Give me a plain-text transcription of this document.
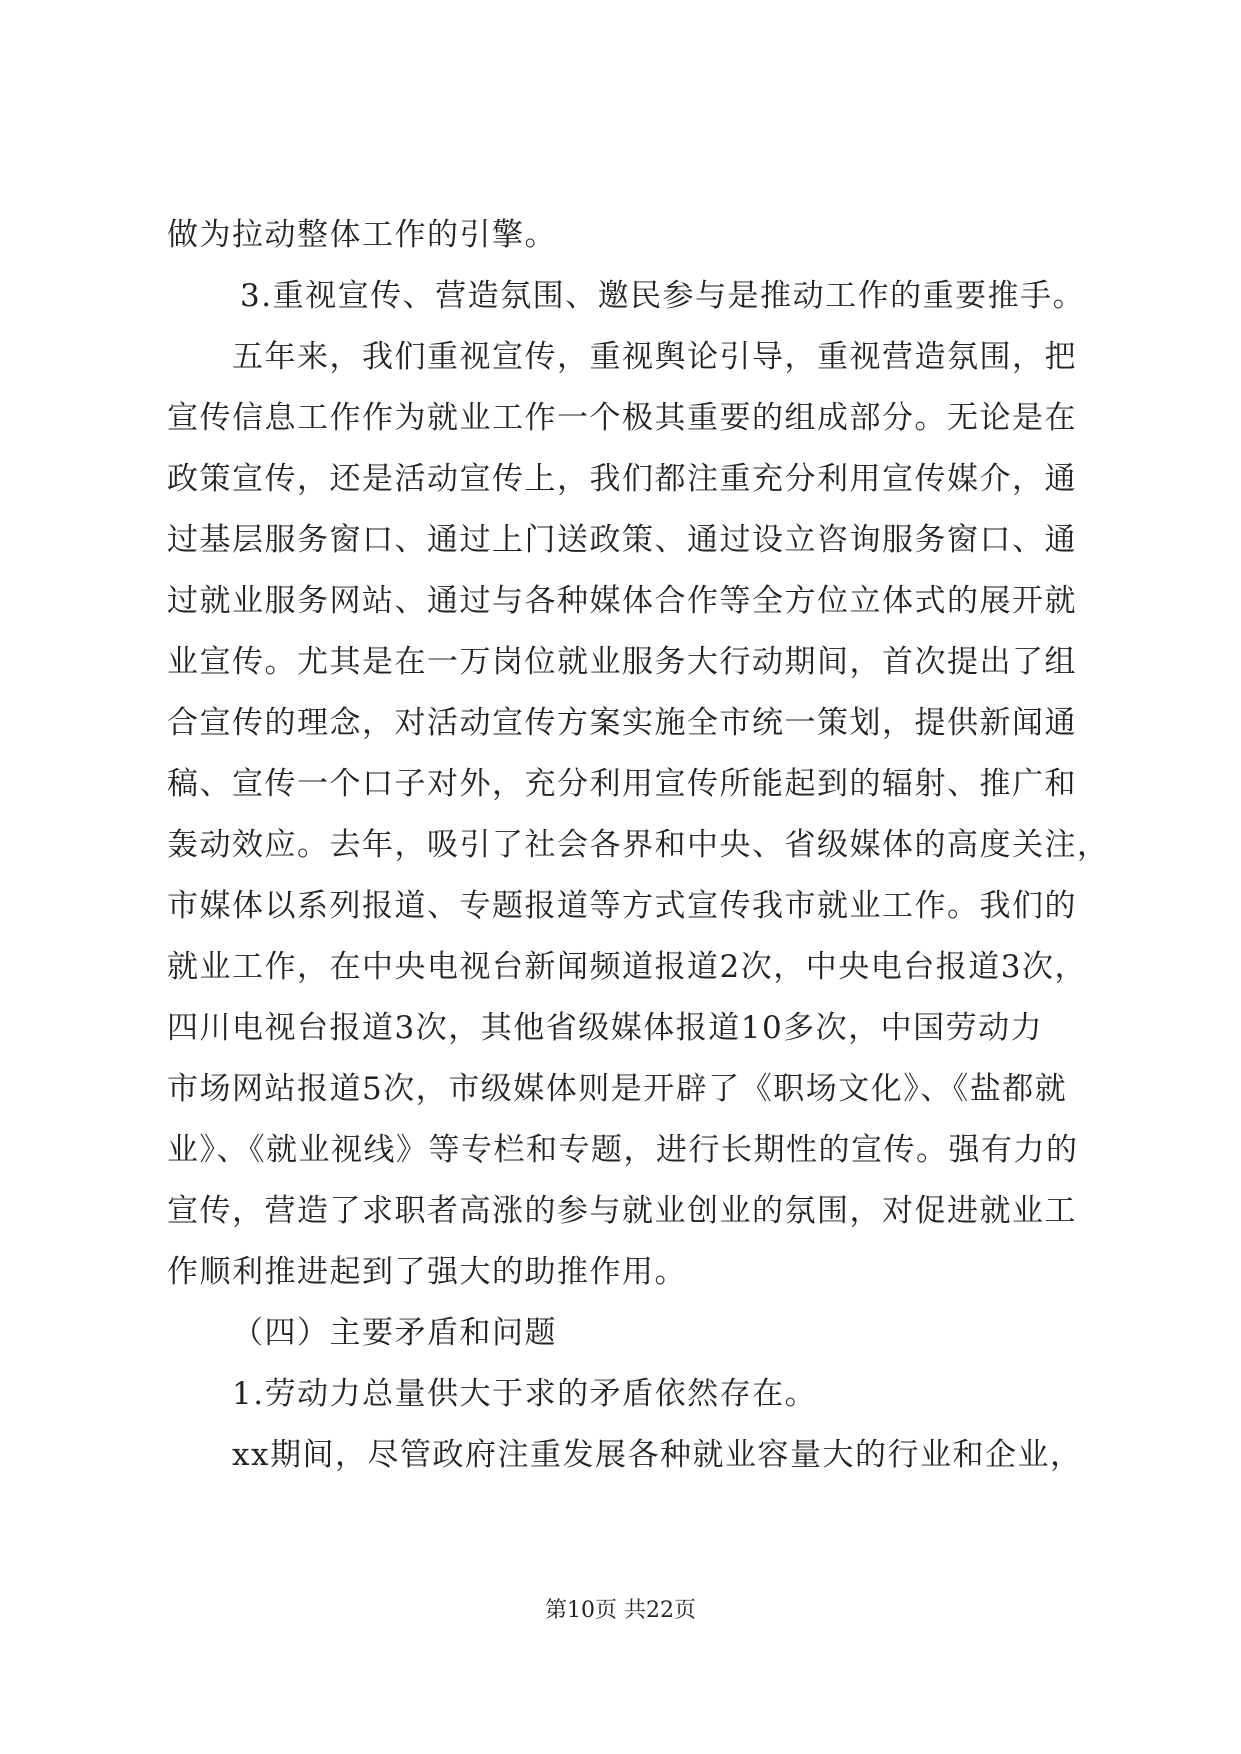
做为拉动整体工作的引擎。
3.重视宣传、营造氛围、邀民参与是推动工作的重要推手。
五年来，我们重视宣传，重视舆论引导，重视营造氛围，把
宣传信息工作作为就业工作一个极其重要的组成部分。无论是在
政策宣传，还是活动宣传上，我们都注重充分利用宣传媒介，通
过基层服务窗口、通过上门送政策、通过设立咨询服务窗口、通
过就业服务网站、通过与各种媒体合作等全方位立体式的展开就
业宣传。尤其是在一万岗位就业服务大行动期间，首次提出了组
合宣传的理念，对活动宣传方案实施全市统一策划，提供新闻通
稿、宣传一个口子对外，充分利用宣传所能起到的辐射、推广和
轰动效应。去年，吸引了社会各界和中央、省级媒体的高度关注，
市媒体以系列报道、专题报道等方式宣传我市就业工作。我们的
就业工作，在中央电视台新闻频道报道2次，中央电台报道3次，
四川电视台报道3次，其他省级媒体报道10多次，中国劳动力
市场网站报道5次，市级媒体则是开辟了《职场文化》、《盐都就
业》、《就业视线》等专栏和专题，进行长期性的宣传。强有力的
宣传，营造了求职者高涨的参与就业创业的氛围，对促进就业工
作顺利推进起到了强大的助推作用。
（四）主要矛盾和问题
1.劳动力总量供大于求的矛盾依然存在。
xx期间，尽管政府注重发展各种就业容量大的行业和企业，
第10页 共22页
